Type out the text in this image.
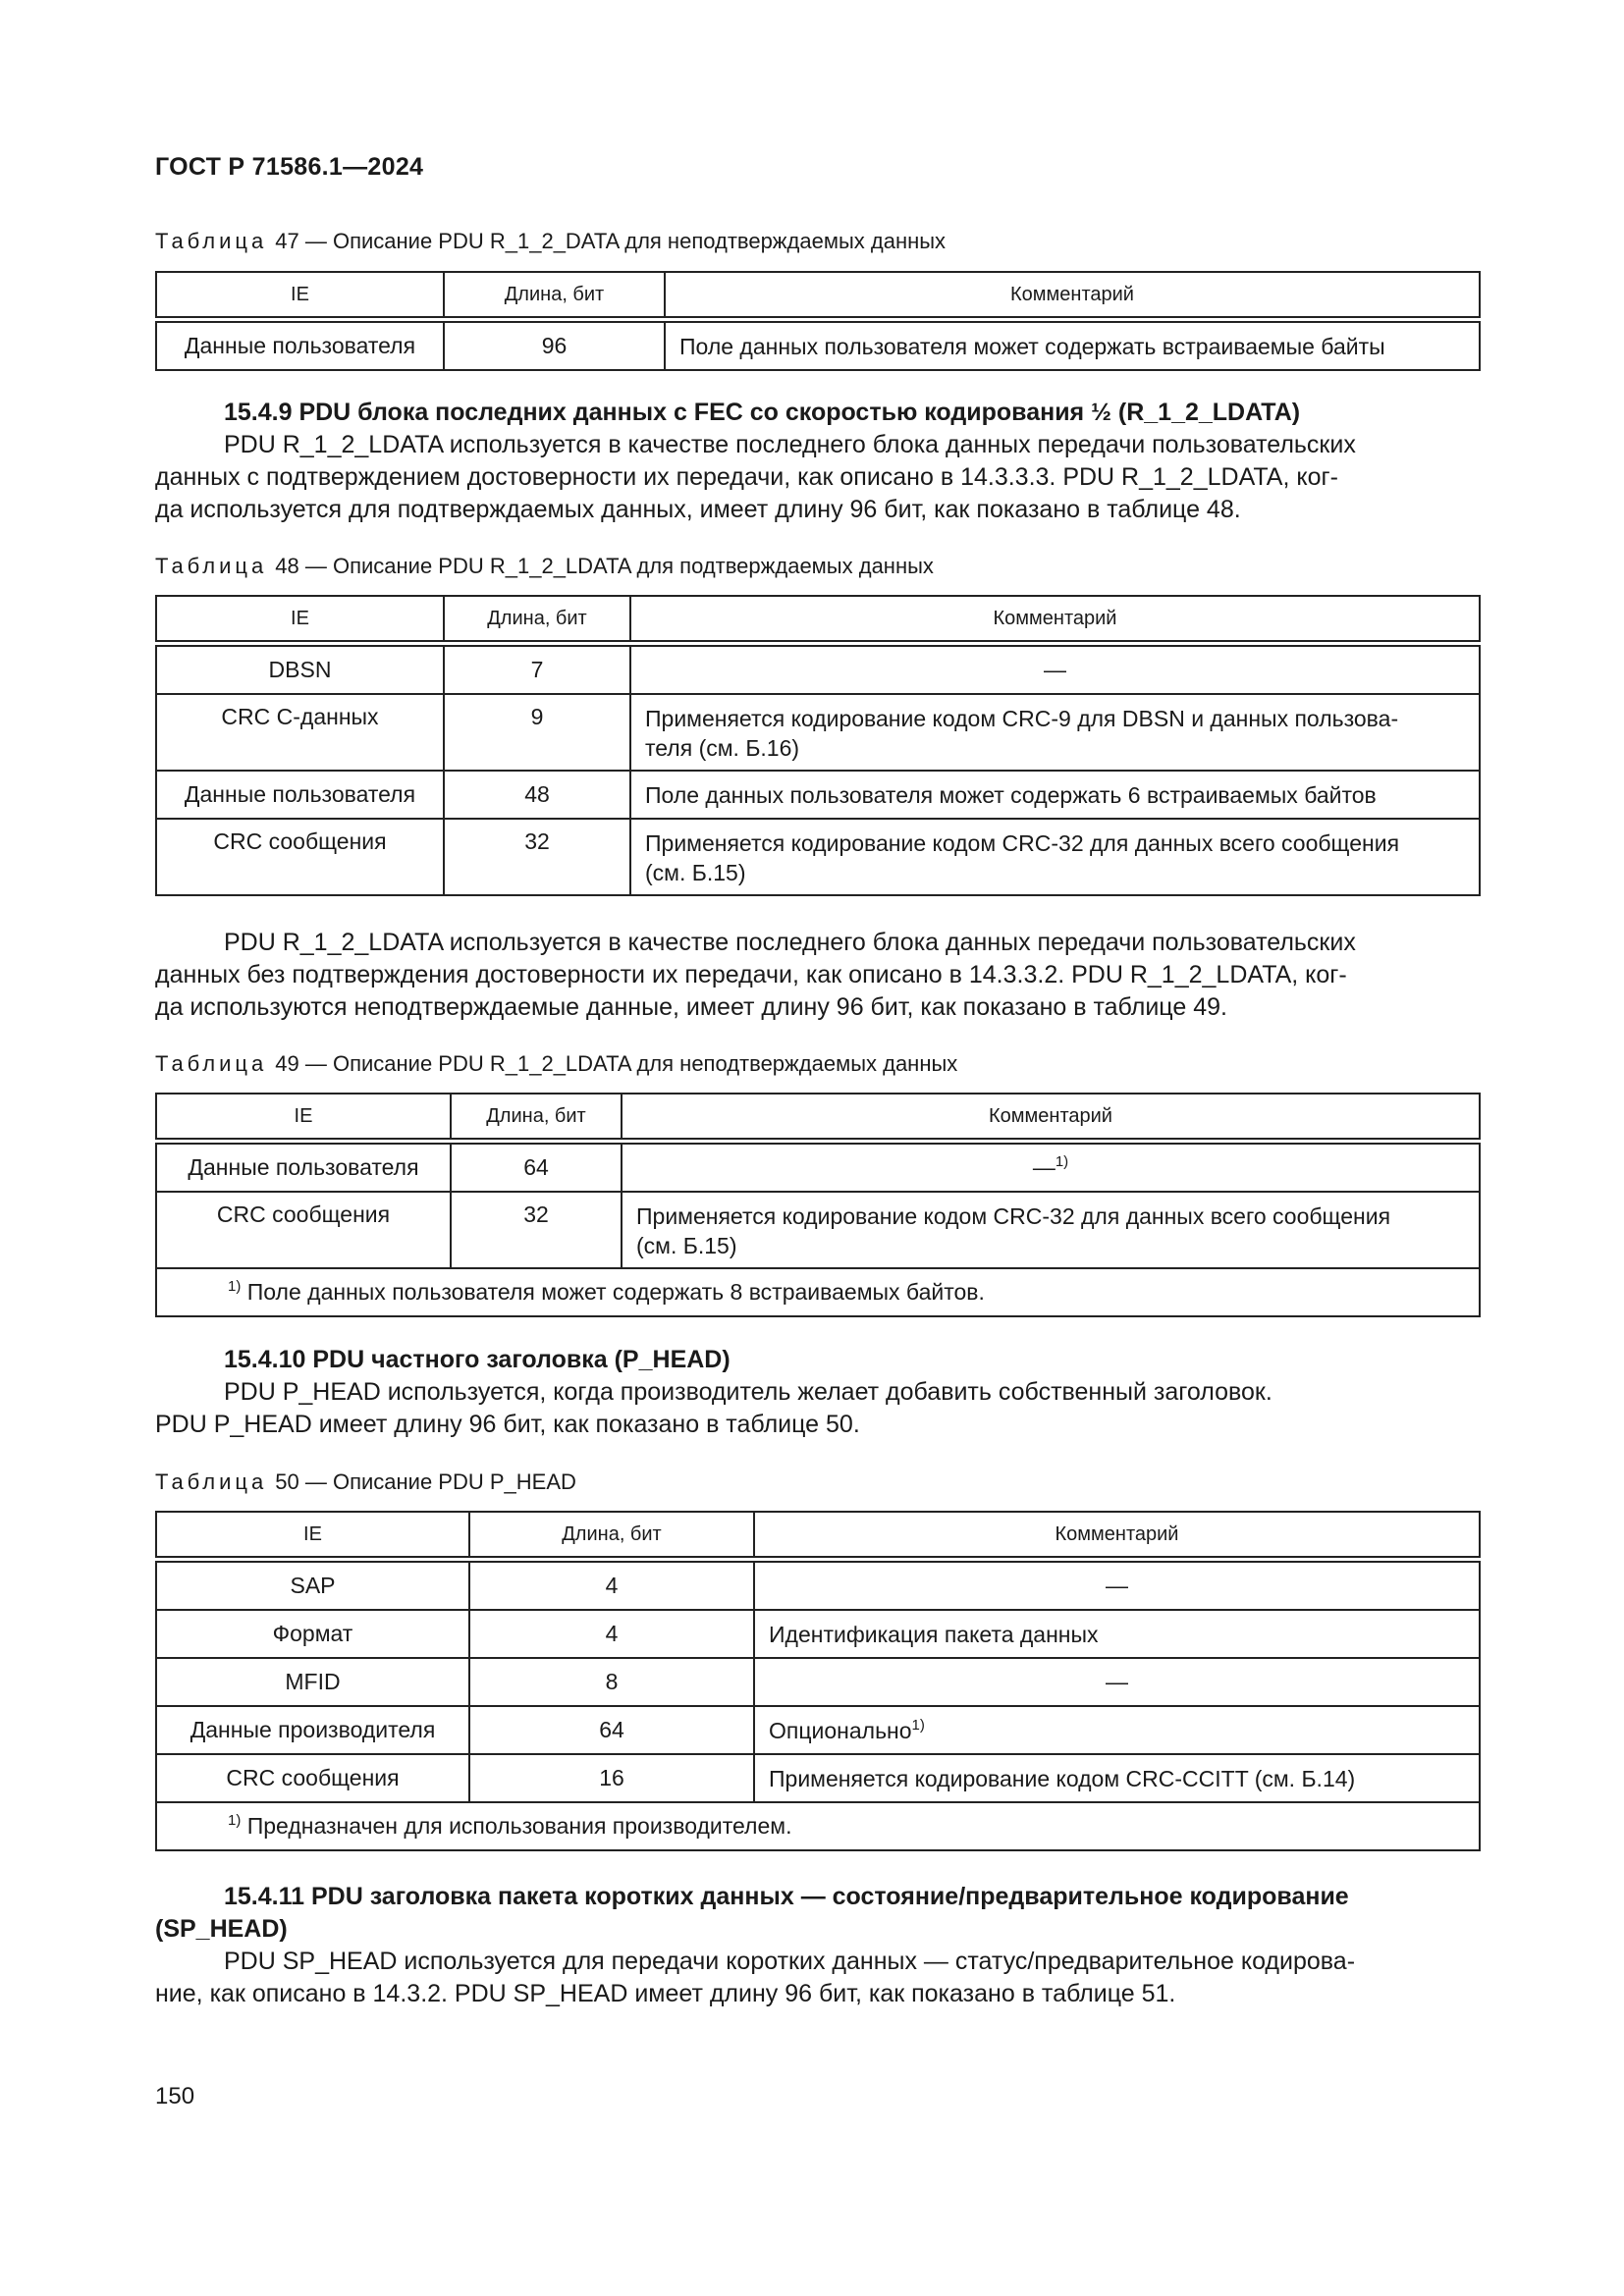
ГОСТ Р 71586.1—2024
Таблица 47 — Описание PDU R_1_2_DATA для неподтверждаемых данных
IE	Длина, бит	Комментарий
Данные пользователя	96	Поле данных пользователя может содержать встраиваемые байты
15.4.9 PDU блока последних данных с FEC со скоростью кодирования ½ (R_1_2_LDATA)
PDU R_1_2_LDATA используется в качестве последнего блока данных передачи пользовательских
данных с подтверждением достоверности их передачи, как описано в 14.3.3.3. PDU R_1_2_LDATA, ког-
да используется для подтверждаемых данных, имеет длину 96 бит, как показано в таблице 48.
Таблица 48 — Описание PDU R_1_2_LDATA для подтверждаемых данных
IE	Длина, бит	Комментарий
DBSN	7	—
CRC С-данных	9	Применяется кодирование кодом CRC-9 для DBSN и данных пользова-
теля (см. Б.16)
Данные пользователя	48	Поле данных пользователя может содержать 6 встраиваемых байтов
CRC сообщения	32	Применяется кодирование кодом CRC-32 для данных всего сообщения
(см. Б.15)
PDU R_1_2_LDATA используется в качестве последнего блока данных передачи пользовательских
данных без подтверждения достоверности их передачи, как описано в 14.3.3.2. PDU R_1_2_LDATA, ког-
да используются неподтверждаемые данные, имеет длину 96 бит, как показано в таблице 49.
Таблица 49 — Описание PDU R_1_2_LDATA для неподтверждаемых данных
IE	Длина, бит	Комментарий
Данные пользователя	64	—$^{1)}$
CRC сообщения	32	Применяется кодирование кодом CRC-32 для данных всего сообщения
(см. Б.15)
$^{1)}$ Поле данных пользователя может содержать 8 встраиваемых байтов.		
15.4.10 PDU частного заголовка (P_HEAD)
PDU P_HEAD используется, когда производитель желает добавить собственный заголовок.
PDU P_HEAD имеет длину 96 бит, как показано в таблице 50.
Таблица 50 — Описание PDU P_HEAD
IE	Длина, бит	Комментарий
SAP	4	—
Формат	4	Идентификация пакета данных
MFID	8	—
Данные производителя	64	Опционально$^{1)}$
CRC сообщения	16	Применяется кодирование кодом CRC-CCITT (см. Б.14)
$^{1)}$ Предназначен для использования производителем.		
15.4.11 PDU заголовка пакета коротких данных — состояние/предварительное кодирование
(SP_HEAD)
PDU SP_HEAD используется для передачи коротких данных — статус/предварительное кодирова-
ние, как описано в 14.3.2. PDU SP_HEAD имеет длину 96 бит, как показано в таблице 51.
150
